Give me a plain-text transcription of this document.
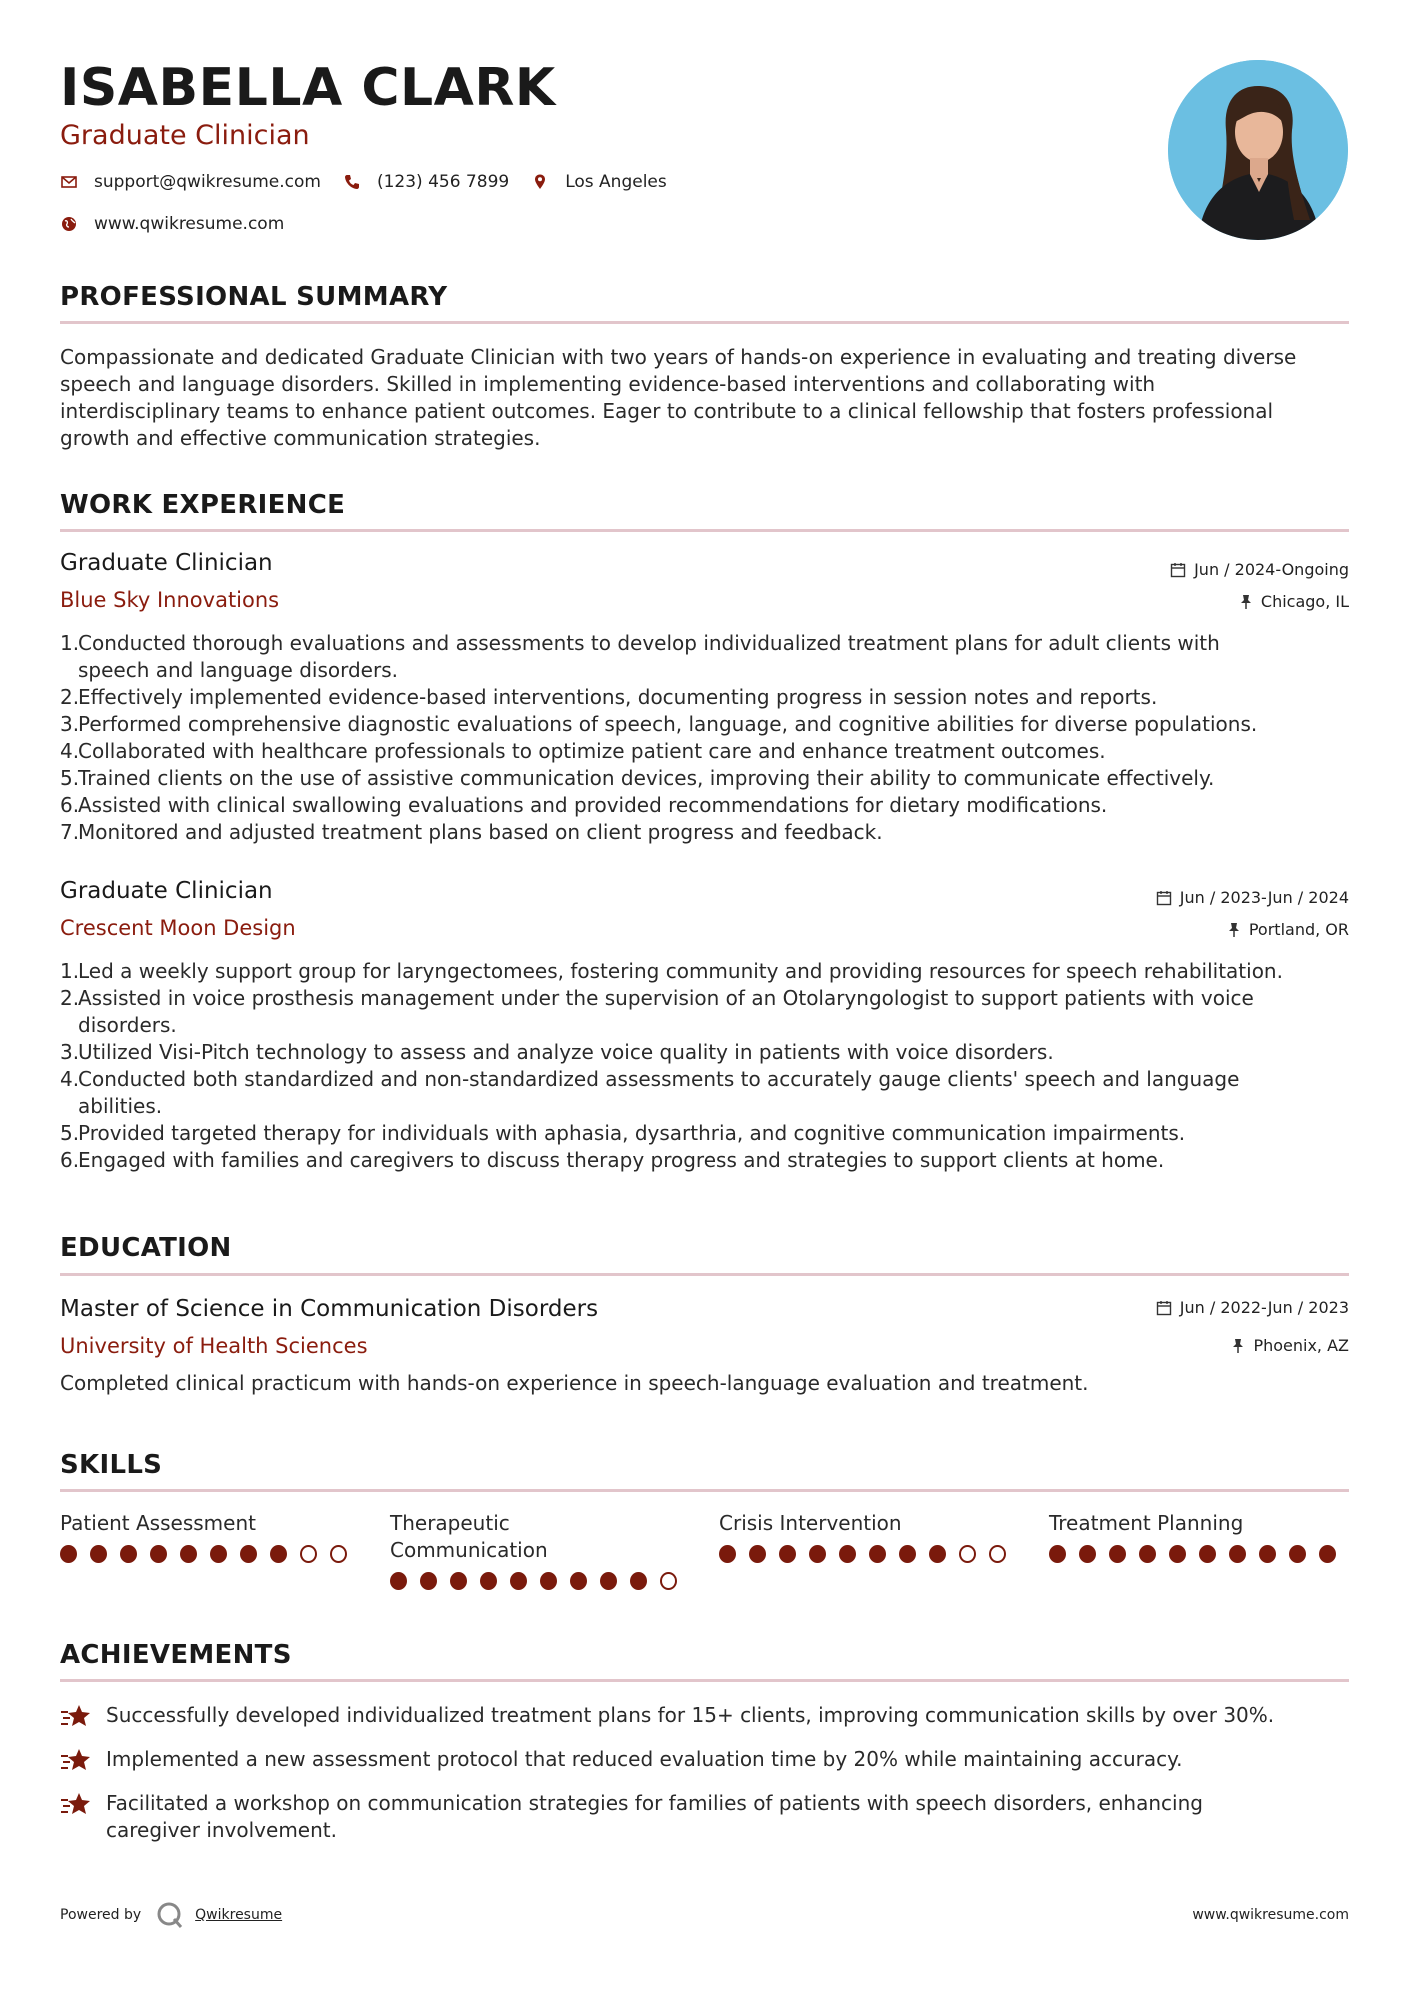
ISABELLA CLARK
Graduate Clinician
support@qwikresume.com	(123) 456 7899	Los Angeles
www.qwikresume.com
PROFESSIONAL SUMMARY
Compassionate and dedicated Graduate Clinician with two years of hands-on experience in evaluating and treating diverse
speech and language disorders. Skilled in implementing evidence-based interventions and collaborating with
interdisciplinary teams to enhance patient outcomes. Eager to contribute to a clinical fellowship that fosters professional
growth and effective communication strategies.
WORK EXPERIENCE
Graduate Clinician	Jun / 2024-Ongoing
Blue Sky Innovations	Chicago, IL
1.
Conducted thorough evaluations and assessments to develop individualized treatment plans for adult clients with
speech and language disorders.
2.
Effectively implemented evidence-based interventions, documenting progress in session notes and reports.
3.
Performed comprehensive diagnostic evaluations of speech, language, and cognitive abilities for diverse populations.
4.
Collaborated with healthcare professionals to optimize patient care and enhance treatment outcomes.
5.
Trained clients on the use of assistive communication devices, improving their ability to communicate effectively.
6.
Assisted with clinical swallowing evaluations and provided recommendations for dietary modifications.
7.
Monitored and adjusted treatment plans based on client progress and feedback.
Graduate Clinician	Jun / 2023-Jun / 2024
Crescent Moon Design	Portland, OR
1.
Led a weekly support group for laryngectomees, fostering community and providing resources for speech rehabilitation.
2.
Assisted in voice prosthesis management under the supervision of an Otolaryngologist to support patients with voice
disorders.
3.
Utilized Visi-Pitch technology to assess and analyze voice quality in patients with voice disorders.
4.
Conducted both standardized and non-standardized assessments to accurately gauge clients' speech and language
abilities.
5.
Provided targeted therapy for individuals with aphasia, dysarthria, and cognitive communication impairments.
6.
Engaged with families and caregivers to discuss therapy progress and strategies to support clients at home.
EDUCATION
Master of Science in Communication Disorders	Jun / 2022-Jun / 2023
University of Health Sciences	Phoenix, AZ
Completed clinical practicum with hands-on experience in speech-language evaluation and treatment.
SKILLS
Patient Assessment	Therapeutic
Communication
Crisis Intervention	Treatment Planning
ACHIEVEMENTS
Successfully developed individualized treatment plans for 15+ clients, improving communication skills by over 30%.
Implemented a new assessment protocol that reduced evaluation time by 20% while maintaining accuracy.
Facilitated a workshop on communication strategies for families of patients with speech disorders, enhancing
caregiver involvement.
Powered by	Qwikresume	www.qwikresume.com
